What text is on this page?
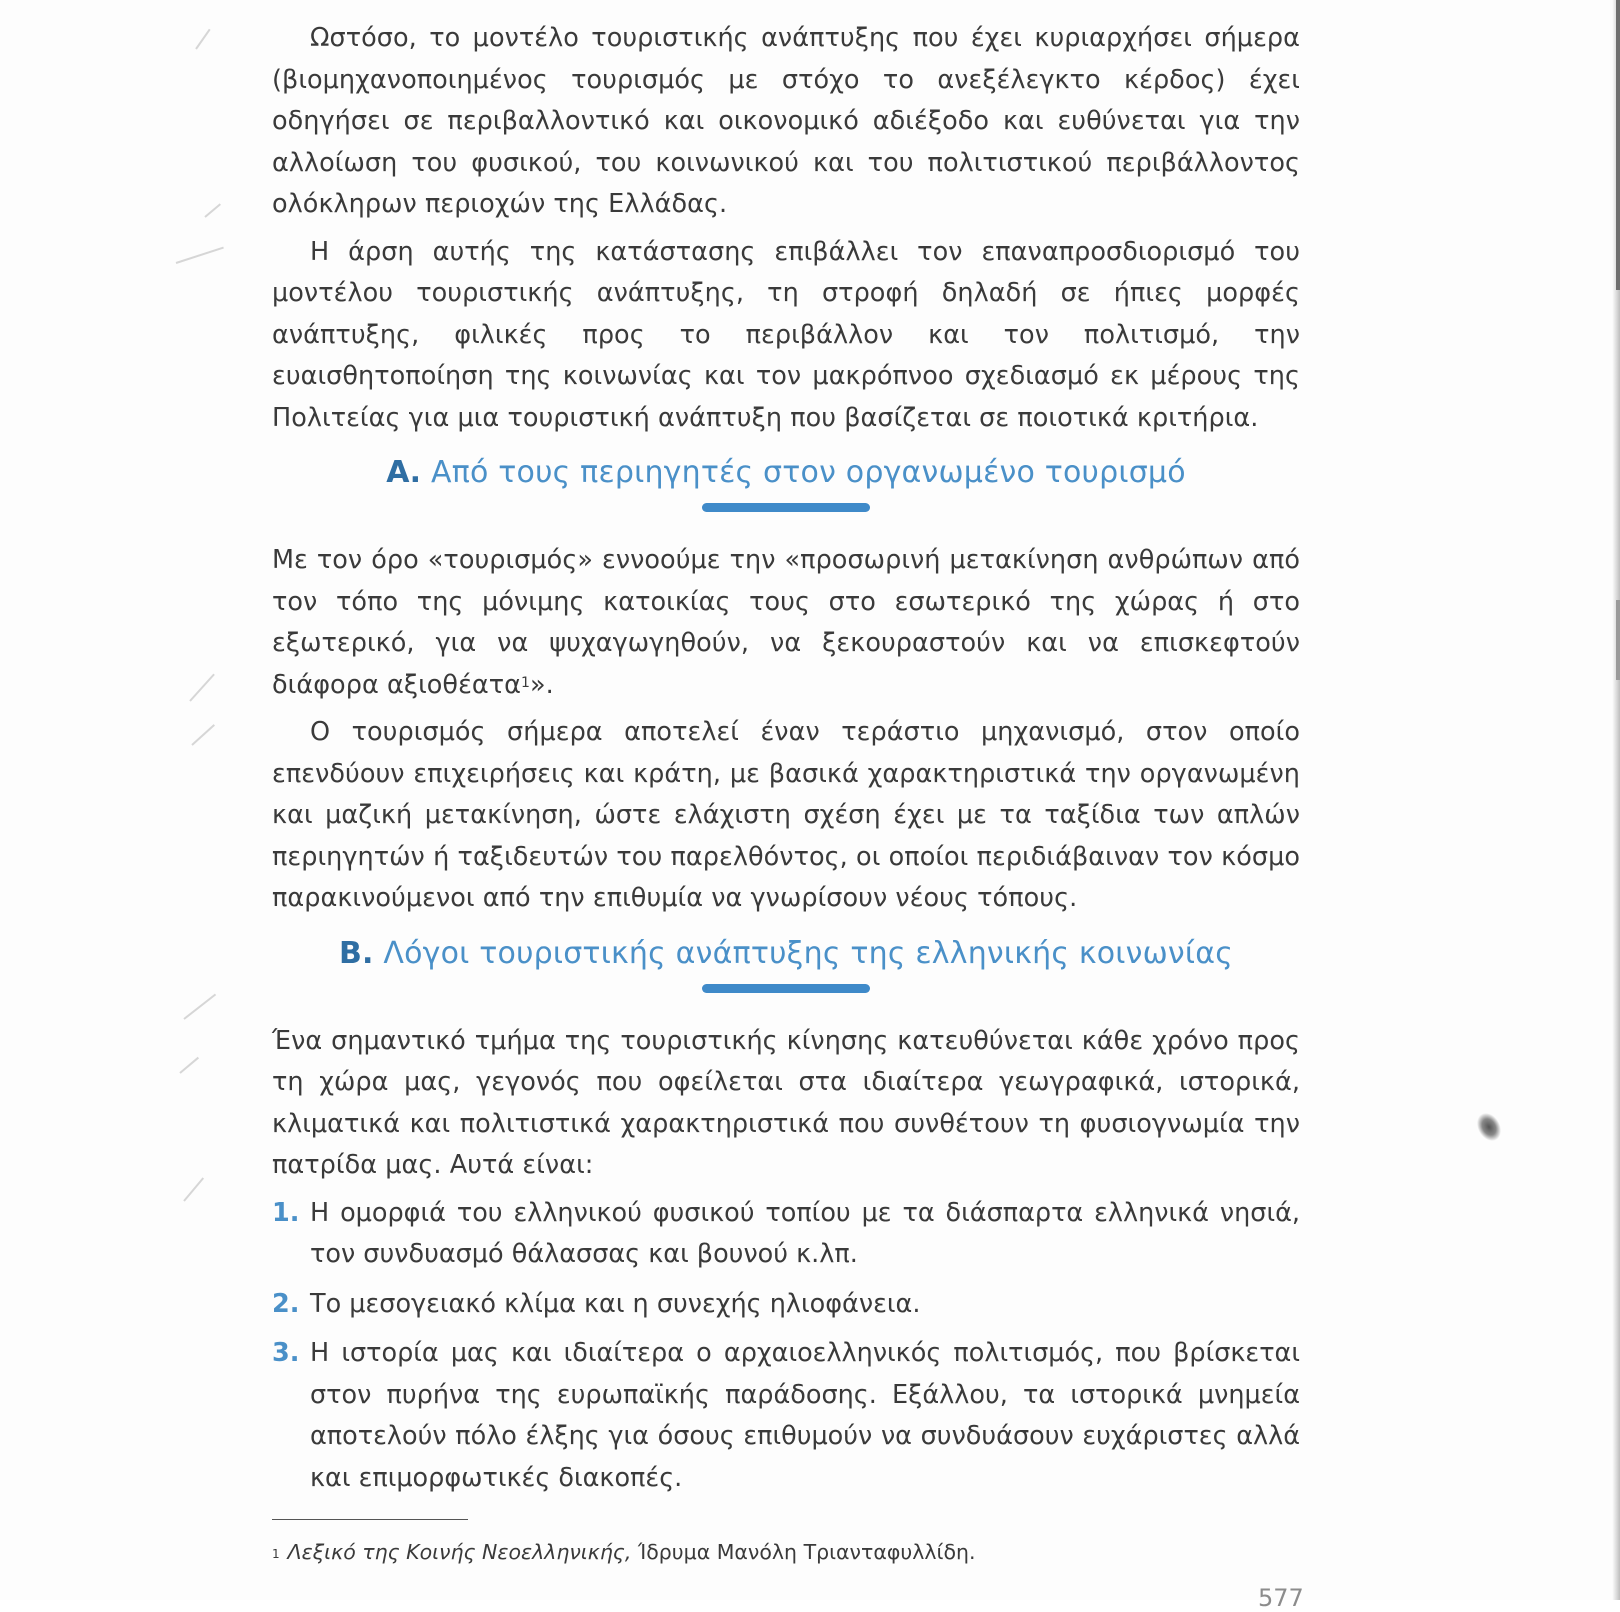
Ωστόσο, το μοντέλο τουριστικής ανάπτυξης που έχει κυριαρχήσει σήμερα (βιομηχανοποιημένος τουρισμός με στόχο το ανεξέλεγκτο κέρδος) έχει οδηγήσει σε περιβαλλοντικό και οικονομικό αδιέξοδο και ευθύνεται για την αλλοίωση του φυσικού, του κοινωνικού και του πολιτιστικού περιβάλλοντος ολόκληρων περιοχών της Ελλάδας.

Η άρση αυτής της κατάστασης επιβάλλει τον επαναπροσδιορισμό του μοντέλου τουριστικής ανάπτυξης, τη στροφή δηλαδή σε ήπιες μορφές ανάπτυξης, φιλικές προς το περιβάλλον και τον πολιτισμό, την ευαισθητοποίηση της κοινωνίας και τον μακρόπνοο σχεδιασμό εκ μέρους της Πολιτείας για μια τουριστική ανάπτυξη που βασίζεται σε ποιοτικά κριτήρια.

Α. Από τους περιηγητές στον οργανωμένο τουρισμό

Με τον όρο «τουρισμός» εννοούμε την «προσωρινή μετακίνηση ανθρώπων από τον τόπο της μόνιμης κατοικίας τους στο εσωτερικό της χώρας ή στο εξωτερικό, για να ψυχαγωγηθούν, να ξεκουραστούν και να επισκεφτούν διάφορα αξιοθέατα$^1$».

Ο τουρισμός σήμερα αποτελεί έναν τεράστιο μηχανισμό, στον οποίο επενδύουν επιχειρήσεις και κράτη, με βασικά χαρακτηριστικά την οργανωμένη και μαζική μετακίνηση, ώστε ελάχιστη σχέση έχει με τα ταξίδια των απλών περιηγητών ή ταξιδευτών του παρελθόντος, οι οποίοι περιδιάβαιναν τον κόσμο παρακινούμενοι από την επιθυμία να γνωρίσουν νέους τόπους.

Β. Λόγοι τουριστικής ανάπτυξης της ελληνικής κοινωνίας

Ένα σημαντικό τμήμα της τουριστικής κίνησης κατευθύνεται κάθε χρόνο προς τη χώρα μας, γεγονός που οφείλεται στα ιδιαίτερα γεωγραφικά, ιστορικά, κλιματικά και πολιτιστικά χαρακτηριστικά που συνθέτουν τη φυσιογνωμία την πατρίδα μας. Αυτά είναι:

1. Η ομορφιά του ελληνικού φυσικού τοπίου με τα διάσπαρτα ελληνικά νησιά, τον συνδυασμό θάλασσας και βουνού κ.λπ.
2. Το μεσογειακό κλίμα και η συνεχής ηλιοφάνεια.
3. Η ιστορία μας και ιδιαίτερα ο αρχαιοελληνικός πολιτισμός, που βρίσκεται στον πυρήνα της ευρωπαϊκής παράδοσης. Εξάλλου, τα ιστορικά μνημεία αποτελούν πόλο έλξης για όσους επιθυμούν να συνδυάσουν ευχάριστες αλλά και επιμορφωτικές διακοπές.
$^1$ Λεξικό της Κοινής Νεοελληνικής, Ίδρυμα Μανόλη Τριανταφυλλίδη.
577
